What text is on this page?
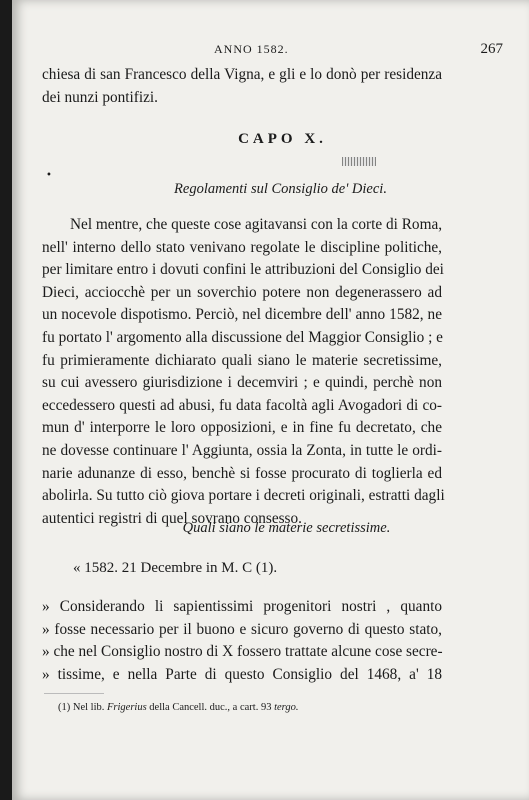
ANNO 1582.	267
chiesa di san Francesco della Vigna, e gli e lo donò per residenza
dei nunzi pontifizi.
CAPO X.
•
Regolamenti sul Consiglio de' Dieci.
Nel mentre, che queste cose agitavansi con la corte di Roma,
nell' interno dello stato venivano regolate le discipline politiche,
per limitare entro i dovuti confini le attribuzioni del Consiglio dei
Dieci, acciocchè per un soverchio potere non degenerassero ad
un nocevole dispotismo. Perciò, nel dicembre dell' anno 1582, ne
fu portato l' argomento alla discussione del Maggior Consiglio ; e
fu primieramente dichiarato quali siano le materie secretissime,
su cui avessero giurisdizione i decemviri ; e quindi, perchè non
eccedessero questi ad abusi, fu data facoltà agli Avogadori di co-
mun d' interporre le loro opposizioni, e in fine fu decretato, che
ne dovesse continuare l' Aggiunta, ossia la Zonta, in tutte le ordi-
narie adunanze di esso, benchè si fosse procurato di toglierla ed
abolirla. Su tutto ciò giova portare i decreti originali, estratti dagli
autentici registri di quel sovrano consesso.
Quali siano le materie secretissime.
« 1582. 21 Decembre in M. C (1).
» Considerando li sapientissimi progenitori nostri , quanto
» fosse necessario per il buono e sicuro governo di questo stato,
» che nel Consiglio nostro di X fossero trattate alcune cose secre-
» tissime, e nella Parte di questo Consiglio del 1468, a' 18
(1) Nel lib. Frigerius della Cancell. duc., a cart. 93 tergo.
